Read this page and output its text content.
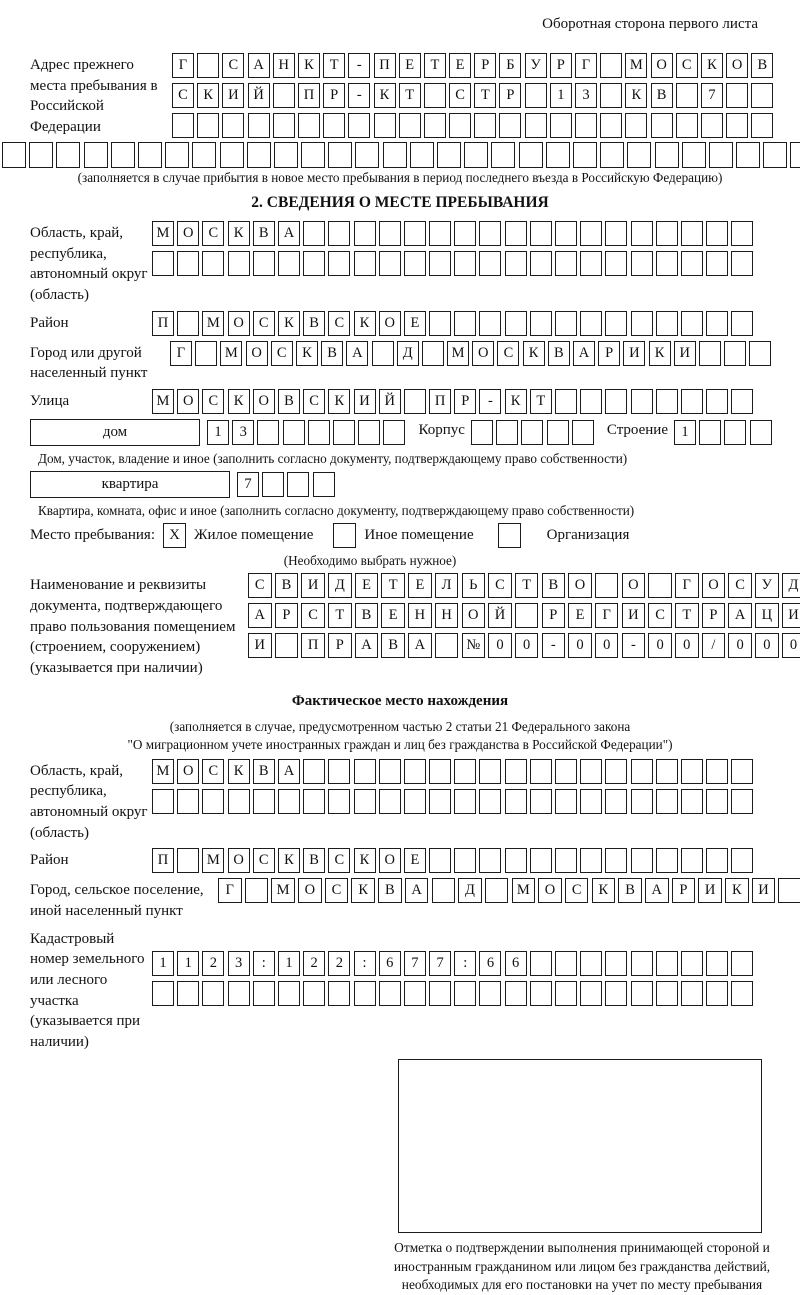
Оборотная сторона первого листа
Адрес прежнего места пребывания в Российской Федерации
Г	С	А	Н	К	Т	-	П	Е	Т	Е	Р	Б	У	Р	Г	М О	С	К	О	В
С	К	И	Й	П	Р	-	К	Т	С	Т	Р	1	3	К	В	7
(заполняется в случае прибытия в новое место пребывания в период последнего въезда в Российскую Федерацию)
2. СВЕДЕНИЯ О МЕСТЕ ПРЕБЫВАНИЯ
Область, край, республика, автономный округ (область)
М О	С	К	В	А
Район	П	М О	С	К	В	С	К	О	Е
Город или другой населенный пункт
Г	М О	С	К	В	А	Д	М О	С	К	В	А	Р	И	К	И
Улица	М О	С	К	О	В	С	К	И	Й	П	Р	-	К	Т
дом	1	3	Корпус	Строение 1
Дом, участок, владение и иное (заполнить согласно документу, подтверждающему право собственности)
квартира	7
Квартира, комната, офис и иное (заполнить согласно документу, подтверждающему право собственности)
Место пребывания: X Жилое помещение	Иное помещение	Организация
(Необходимо выбрать нужное)
Наименование и реквизиты документа, подтверждающего право пользования помещением (строением, сооружением) (указывается при наличии)
С	В	И	Д	Е	Т	Е	Л	Ь	С	Т	В	О	О	Г	О	С	У	Д
А	Р	С	Т	В	Е	Н	Н	О	Й	Р	Е	Г	И	С	Т	Р	А	Ц	И
И	П	Р	А	В	А	№	0	0	-	0	0	-	0	0	/	0	0	0
Фактическое место нахождения
(заполняется в случае, предусмотренном частью 2 статьи 21 Федерального закона
"О миграционном учете иностранных граждан и лиц без гражданства в Российской Федерации")
Область, край, республика, автономный округ (область)
М О	С	К	В	А
Район	П	М О	С	К	В	С	К	О	Е
Город, сельское поселение, иной населенный пункт
Г	М	О	С	К	В	А	Д	М	О	С	К	В	А	Р	И	К	И
Кадастровый номер земельного или лесного участка (указывается при наличии)
1	1	2	3	:	1	2	2	:	6	7	7	:	6	6
Отметка о подтверждении выполнения принимающей стороной и иностранным гражданином или лицом без гражданства действий, необходимых для его постановки на учет по месту пребывания
